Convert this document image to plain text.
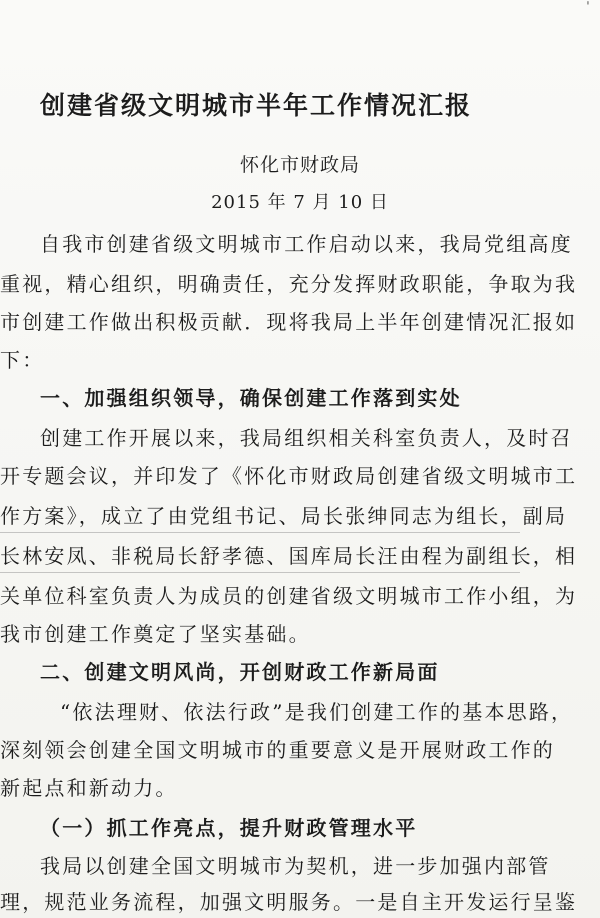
ˈ
创建省级文明城市半年工作情况汇报
怀化市财政局
2015 年 7 月 10 日
自我市创建省级文明城市工作启动以来，我局党组高度
重视，精心组织，明确责任，充分发挥财政职能，争取为我
市创建工作做出积极贡献．现将我局上半年创建情况汇报如
下：
一、加强组织领导，确保创建工作落到实处
创建工作开展以来，我局组织相关科室负责人，及时召
开专题会议，并印发了《怀化市财政局创建省级文明城市工
作方案》，成立了由党组书记、局长张绅同志为组长，副局
长林安凤、非税局长舒孝德、国库局长汪由程为副组长，相
关单位科室负责人为成员的创建省级文明城市工作小组，为
我市创建工作奠定了坚实基础。
二、创建文明风尚，开创财政工作新局面
“依法理财、依法行政”是我们创建工作的基本思路，
深刻领会创建全国文明城市的重要意义是开展财政工作的
新起点和新动力。
（一）抓工作亮点，提升财政管理水平
我局以创建全国文明城市为契机，进一步加强内部管
理，规范业务流程，加强文明服务。一是自主开发运行呈鉴
